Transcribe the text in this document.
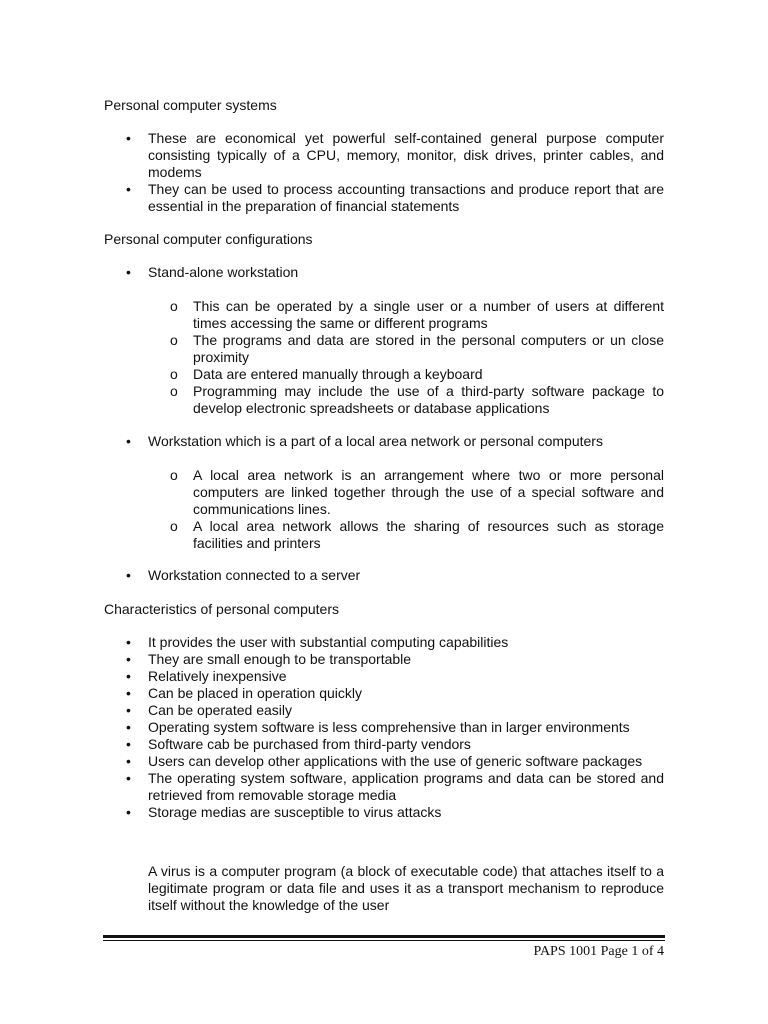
Personal computer systems
• These are economical yet powerful self-contained general purpose computer consisting typically of a CPU, memory, monitor, disk drives, printer cables, and modems
• They can be used to process accounting transactions and produce report that are essential in the preparation of financial statements
Personal computer configurations
• Stand-alone workstation
o This can be operated by a single user or a number of users at different times accessing the same or different programs
o The programs and data are stored in the personal computers or un close proximity
o Data are entered manually through a keyboard
o Programming may include the use of a third-party software package to develop electronic spreadsheets or database applications
• Workstation which is a part of a local area network or personal computers
o A local area network is an arrangement where two or more personal computers are linked together through the use of a special software and communications lines.
o A local area network allows the sharing of resources such as storage facilities and printers
• Workstation connected to a server
Characteristics of personal computers
• It provides the user with substantial computing capabilities
• They are small enough to be transportable
• Relatively inexpensive
• Can be placed in operation quickly
• Can be operated easily
• Operating system software is less comprehensive than in larger environments
• Software cab be purchased from third-party vendors
• Users can develop other applications with the use of generic software packages
• The operating system software, application programs and data can be stored and retrieved from removable storage media
• Storage medias are susceptible to virus attacks
A virus is a computer program (a block of executable code) that attaches itself to a legitimate program or data file and uses it as a transport mechanism to reproduce itself without the knowledge of the user
PAPS 1001 Page 1 of 4
